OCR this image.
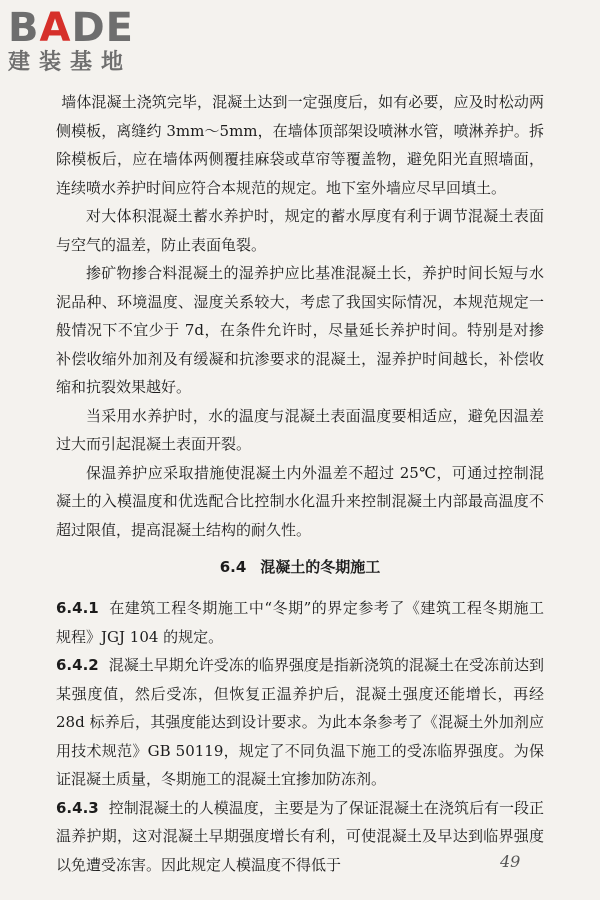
BADE
建装基地

墙体混凝土浇筑完毕，混凝土达到一定强度后，如有必要，应及时松动两侧模板，离缝约 3mm～5mm，在墙体顶部架设喷淋水管，喷淋养护。拆除模板后，应在墙体两侧覆挂麻袋或草帘等覆盖物，避免阳光直照墙面，连续喷水养护时间应符合本规范的规定。地下室外墙应尽早回填土。

对大体积混凝土蓄水养护时，规定的蓄水厚度有利于调节混凝土表面与空气的温差，防止表面龟裂。

掺矿物掺合料混凝土的湿养护应比基准混凝土长，养护时间长短与水泥品种、环境温度、湿度关系较大，考虑了我国实际情况，本规范规定一般情况下不宜少于 7d，在条件允许时，尽量延长养护时间。特别是对掺补偿收缩外加剂及有缓凝和抗渗要求的混凝土，湿养护时间越长，补偿收缩和抗裂效果越好。

当采用水养护时，水的温度与混凝土表面温度要相适应，避免因温差过大而引起混凝土表面开裂。

保温养护应采取措施使混凝土内外温差不超过 25℃，可通过控制混凝土的入模温度和优选配合比控制水化温升来控制混凝土内部最高温度不超过限值，提高混凝土结构的耐久性。

6.4 混凝土的冬期施工

6.4.1 在建筑工程冬期施工中“冬期”的界定参考了《建筑工程冬期施工规程》JGJ 104 的规定。

6.4.2 混凝土早期允许受冻的临界强度是指新浇筑的混凝土在受冻前达到某强度值，然后受冻，但恢复正温养护后，混凝土强度还能增长，再经 28d 标养后，其强度能达到设计要求。为此本条参考了《混凝土外加剂应用技术规范》GB 50119，规定了不同负温下施工的受冻临界强度。为保证混凝土质量，冬期施工的混凝土宜掺加防冻剂。

6.4.3 控制混凝土的人模温度，主要是为了保证混凝土在浇筑后有一段正温养护期，这对混凝土早期强度增长有利，可使混凝土及早达到临界强度以免遭受冻害。因此规定人模温度不得低于	49
